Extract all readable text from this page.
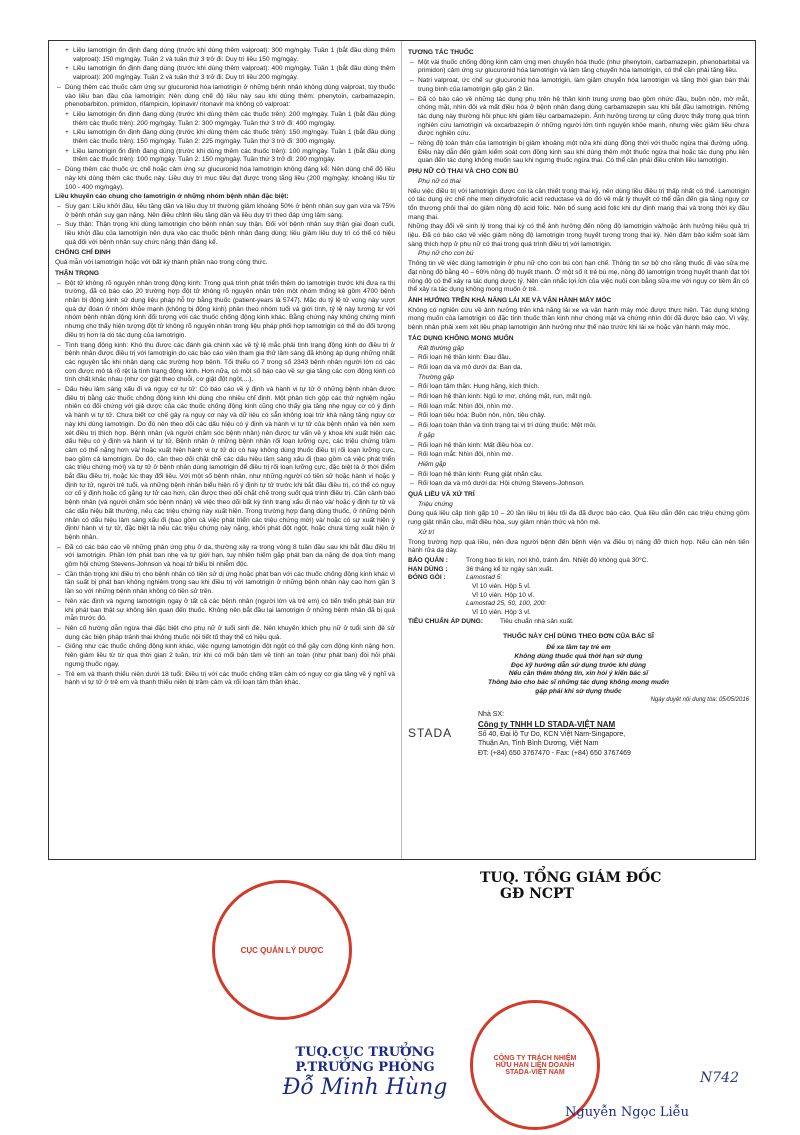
+ Liều lamotrigin ổn định đang dùng (trước khi dùng thêm valproat): 300 mg/ngày. Tuần 1 (bắt đầu dùng thêm valproat): 150 mg/ngày. Tuần 2 và tuần thứ 3 trở đi: Duy trì liều 150 mg/ngày.
+ Liều lamotrigin ổn định đang dùng (trước khi dùng thêm valproat): 400 mg/ngày. Tuần 1 (bắt đầu dùng thêm valproat): 200 mg/ngày. Tuần 2 và tuần thứ 3 trở đi: Duy trì liều 200 mg/ngày.
– Dùng thêm các thuốc cảm ứng sự glucuronid hóa lamotrigin ở những bệnh nhân không dùng valproat, tùy thuốc vào liều ban đầu của lamotrigin: Nên dùng chế độ liều này sau khi dùng thêm: phenytoin, carbamazepin, phenobarbiton, primidon, rifampicin, lopinavir/ ritonavir mà không có valproat:
+ Liều lamotrigin ổn định đang dùng (trước khi dùng thêm các thuốc trên): 200 mg/ngày. Tuần 1 (bắt đầu dùng thêm các thuốc trên): 200 mg/ngày. Tuần 2: 300 mg/ngày. Tuần thứ 3 trở đi: 400 mg/ngày.
+ Liều lamotrigin ổn định đang dùng (trước khi dùng thêm các thuốc trên): 150 mg/ngày. Tuần 1 (bắt đầu dùng thêm các thuốc trên): 150 mg/ngày. Tuần 2: 225 mg/ngày. Tuần thứ 3 trở đi: 300 mg/ngày.
+ Liều lamotrigin ổn định đang dùng (trước khi dùng thêm các thuốc trên): 100 mg/ngày. Tuần 1 (bắt đầu dùng thêm các thuốc trên): 100 mg/ngày. Tuần 2: 150 mg/ngày. Tuần thứ 3 trở đi: 200 mg/ngày.
– Dùng thêm các thuốc ức chế hoặc cảm ứng sự glucuronid hóa lamotrigin không đáng kể: Nên dùng chế độ liều này khi dùng thêm các thuốc này. Liều duy trì mục tiêu đạt được trong tăng liều (200 mg/ngày; khoảng liều từ 100 - 400 mg/ngày).
Liều khuyến cáo chung cho lamotrigin ở những nhóm bệnh nhân đặc biệt:
– Suy gan: Liều khởi đầu, liều tăng dần và liều duy trì thường giảm khoảng 50% ở bệnh nhân suy gan vừa và 75% ở bệnh nhân suy gan nặng. Nên điều chỉnh liều tăng dần và liều duy trì theo đáp ứng lâm sàng.
– Suy thận: Thận trọng khi dùng lamotrigin cho bệnh nhân suy thận. Đối với bệnh nhân suy thận giai đoạn cuối, liều khởi đầu của lamotrigin nên dựa vào các thuốc bệnh nhân đang dùng; liều giảm liều duy trì có thể có hiệu quả đối với bệnh nhân suy chức năng thận đáng kể.
CHỐNG CHỈ ĐỊNH
Quá mẫn với lamotrigin hoặc với bất kỳ thành phần nào trong công thức.
THẬN TRỌNG
– Đột tử không rõ nguyên nhân trong động kinh: Trong quá trình phát triển thêm do lamotrigin trước khi đưa ra thị trường, đã có báo cáo 20 trường hợp đột tử không rõ nguyên nhân trên một nhóm thống kê gồm 4700 bệnh nhân bị động kinh sử dụng liệu pháp hỗ trợ bằng thuốc (patient-years là 5747). Mặc dù tỷ lệ tử vong này vượt quá dự đoán ở nhóm khỏe mạnh (không bị động kinh) phân theo nhóm tuổi và giới tính, tỷ lệ này tương tự với nhóm bệnh nhân động kinh đối tượng với các thuốc chống động kinh khác. Bằng chứng này không chứng minh nhưng cho thấy hiện tượng đột tử không rõ nguyên nhân trong liệu pháp phối hợp lamotrigin có thể do đối tượng điều trị hơn là do tác dụng của lamotrigin.
– Tình trạng động kinh: Khó thu được các đánh giá chính xác về tỷ lệ mắc phải tình trạng động kinh do điều trị ở bệnh nhân được điều trị với lamotrigin do các báo cáo viên tham gia thử lâm sàng đã không áp dụng những nhất các nguyên tắc khi nhận dạng các trường hợp bệnh. Tối thiểu có 7 trong số 2343 bệnh nhân người lớn có các cơn được mô tả rõ rệt là tình trạng động kinh. Hơn nữa, có một số báo cáo về sự gia tăng các cơn động kinh có tính chất khác nhau (như cơ giật theo chuỗi, cơ giật đột ngột,...).
– Dấu hiệu lâm sàng xấu đi và nguy cơ tự tử: Có báo cáo về ý định và hành vi tự tử ở những bệnh nhân được điều trị bằng các thuốc chống động kinh khi dùng cho nhiều chỉ định. Một phân tích gộp các thử nghiệm ngẫu nhiên có đối chứng với giả dược của các thuốc chống động kinh cũng cho thấy gia tăng nhẹ nguy cơ có ý định và hành vi tự tử. Chưa biết cơ chế gây ra nguy cơ này và dữ liệu có sẵn không loại trừ khả năng tăng nguy cơ này khi dùng lamotrigin. Do đó nên theo dõi các dấu hiệu có ý định và hành vi tự tử của bệnh nhân và nên xem xét điều trị thích hợp. Bệnh nhân (và người chăm sóc bệnh nhân) nên được tư vấn về y khoa khi xuất hiện các dấu hiệu có ý định và hành vi tự tử. Bệnh nhân ở những bệnh nhân rối loạn lưỡng cực, các triệu chứng trầm cảm có thể nặng hơn và/ hoặc xuất hiện hành vi tự tử dù có hay không dùng thuốc điều trị rối loạn lưỡng cực, bao gồm cả lamotrigin. Do đó, cần theo dõi chặt chẽ các dấu hiệu lâm sàng xấu đi (bao gồm cả việc phát triển các triệu chứng mới) và tự tử ở bệnh nhân dùng lamotrigin để điều trị rối loạn lưỡng cực, đặc biệt là ở thời điểm bắt đầu điều trị, hoặc lúc thay đổi liều. Với một số bệnh nhân, như những người có tiền sử hoặc hành vi hoặc ý định tự tử, người trẻ tuổi, và những bệnh nhân biểu hiện rõ ý định tự tử trước khi bắt đầu điều trị, có thể có nguy cơ cố ý định hoặc cố gắng tự tử cao hơn, cần được theo dõi chặt chẽ trong suốt quá trình điều trị. Cần cảnh báo bệnh nhân (và người chăm sóc bệnh nhân) về việc theo dõi bất kỳ tình trạng xấu đi nào và/ hoặc ý định tự tử và các dấu hiệu bất thường, nếu các triệu chứng này xuất hiện. Trong trường hợp đang dùng thuốc, ở những bệnh nhân có dấu hiệu lâm sàng xấu đi (bao gồm cả việc phát triển các triệu chứng mới) và/ hoặc có sự xuất hiện ý định/ hành vi tự tử, đặc biệt là nếu các triệu chứng này nặng, khởi phát đột ngột, hoặc chưa từng xuất hiện ở bệnh nhân.
– Đã có các báo cáo về những phản ứng phụ ở da, thường xảy ra trong vòng 8 tuần đầu sau khi bắt đầu điều trị với lamotrigin. Phần lớn phát ban nhẹ và tự giới hạn, tuy nhiên hiếm gặp phát ban da nặng đe dọa tính mạng gồm hội chứng Stevens-Johnson và hoại tử biểu bì nhiễm độc.
– Cần thận trọng khi điều trị cho bệnh nhân có tiền sử dị ứng hoặc phát ban với các thuốc chống động kinh khác vì tần suất bị phát ban không nghiêm trọng sau khi điều trị với lamotrigin ở những bệnh nhân này cao hơn gần 3 lần so với những bệnh nhân không có tiền sử trên.
– Nên xác định và ngưng lamotrigin ngay ở tất cả các bệnh nhân (người lớn và trẻ em) có tiến triển phát ban trừ khi phát ban thật sự không liên quan đến thuốc. Không nên bắt đầu lại lamotrigin ở những bệnh nhân đã bị quá mẫn trước đó.
– Nên cố hướng dẫn ngừa thai đặc biệt cho phụ nữ ở tuổi sinh đẻ. Nên khuyến khích phụ nữ ở tuổi sinh đẻ sử dụng các biện pháp tránh thai không thuốc nội tiết tố thay thế có hiệu quả.
– Giống như các thuốc chống động kinh khác, việc ngưng lamotrigin đột ngột có thể gây cơn động kinh nặng hơn. Nên giảm liều từ từ qua thời gian 2 tuần, trừ khi có mối bận tâm về tính an toàn (như phát ban) đòi hỏi phải ngưng thuốc ngay.
– Trẻ em và thanh thiếu niên dưới 18 tuổi: Điều trị với các thuốc chống trầm cảm có nguy cơ gia tăng về ý nghĩ và hành vi tự tử ở trẻ em và thanh thiếu niên bị trầm cảm và rối loạn tâm thần khác.
TƯƠNG TÁC THUỐC
– Một vài thuốc chống động kinh cảm ứng men chuyển hóa thuốc (như phenytoin, carbamazepin, phenobarbital và primidon) cảm ứng sự glucuronid hóa lamotrigin và làm tăng chuyển hóa lamotrigin, có thể cần phải tăng liều.
– Natri valproat, ức chế sự glucuronid hóa lamotrigin, làm giảm chuyển hóa lamotrigin và tăng thời gian bán thải trung bình của lamotrigin gấp gần 2 lần.
– Đã có báo cáo về những tác dụng phụ trên hệ thần kinh trung ương bao gồm nhức đầu, buồn nôn, mờ mắt, chóng mặt, nhìn đôi và mất điều hòa ở bệnh nhân đang dùng carbamazepin sau khi bắt đầu lamotrigin. Những tác dụng này thường hồi phục khi giảm liều carbamazepin. Ảnh hưởng tương tự cũng được thấy trong quá trình nghiên cứu lamotrigin và oxcarbazepin ở những người lớn tình nguyện khỏe mạnh, nhưng việc giảm liều chưa được nghiên cứu.
– Nồng độ toàn thân của lamotrigin bị giảm khoảng một nửa khi dùng đồng thời với thuốc ngừa thai đường uống. Điều này dẫn đến giảm kiểm soát cơn động kinh sau khi dùng thêm một thuốc ngừa thai hoặc tác dụng phụ liên quan đến tác dụng không muốn sau khi ngưng thuốc ngừa thai. Có thể cần phải điều chỉnh liều lamotrigin.
PHỤ NỮ CÓ THAI VÀ CHO CON BÚ
Phụ nữ có thai
Nếu việc điều trị với lamotrigin được coi là cần thiết trong thai kỳ, nên dùng liều điều trị thấp nhất có thể. Lamotrigin có tác dụng ức chế nhẹ men dihydrofolic acid reductase và do đó về mặt lý thuyết có thể dẫn đến gia tăng nguy cơ tổn thương phôi thai do giảm nồng độ acid folic. Nên bổ sung acid folic khi dự định mang thai và trong thời kỳ đầu mang thai.
Những thay đổi về sinh lý trong thai kỳ có thể ảnh hưởng đến nồng độ lamotrigin và/hoặc ảnh hưởng hiệu quả trị liệu. Đã có báo cáo về việc giảm nồng độ lamotrigin trong huyết tương trong thai kỳ. Nên đảm bảo kiểm soát lâm sàng thích hợp ở phụ nữ có thai trong quá trình điều trị với lamotrigin.
Phụ nữ cho con bú
Thông tin về việc dùng lamotrigin ở phụ nữ cho con bú còn hạn chế. Thông tin sơ bộ cho rằng thuốc đi vào sữa mẹ đạt nồng độ bằng 40 – 60% nồng độ huyết thanh. Ở một số ít trẻ bú mẹ, nồng độ lamotrigin trong huyết thanh đạt tới nồng độ có thể xảy ra tác dụng dược lý. Nên cân nhắc lợi ích của việc nuôi con bằng sữa mẹ với nguy cơ tiềm ẩn có thể xảy ra tác dụng không mong muốn ở trẻ.
ẢNH HƯỞNG TRÊN KHẢ NĂNG LÁI XE VÀ VẬN HÀNH MÁY MÓC
Không có nghiên cứu về ảnh hưởng trên khả năng lái xe và vận hành máy móc được thực hiện. Tác dụng không mong muốn của lamotrigin có đặc tính thuốc thần kinh như chóng mặt và chứng nhìn đôi đã được báo cáo. Vì vậy, bệnh nhân phải xem xét liệu pháp lamotrigin ảnh hưởng như thế nào trước khi lái xe hoặc vận hành máy móc.
TÁC DỤNG KHÔNG MONG MUỐN
Rất thường gặp
– Rối loạn hệ thần kinh: Đau đầu.
– Rối loạn da và mô dưới da: Ban da.
Thường gặp
– Rối loạn tâm thần: Hung hăng, kích thích.
– Rối loạn hệ thần kinh: Ngủ lơ mơ, chóng mặt, run, mất ngủ.
– Rối loạn mắt: Nhìn đôi, nhìn mờ.
– Rối loạn tiêu hóa: Buồn nôn, nôn, tiêu chảy.
– Rối loạn toàn thân và tình trạng tại vị trí dùng thuốc: Mệt mỏi.
Ít gặp
– Rối loạn hệ thần kinh: Mất điều hòa cơ.
– Rối loạn mắt: Nhìn đôi, nhìn mờ.
Hiếm gặp
– Rối loạn hệ thần kinh: Rung giật nhãn cầu.
– Rối loạn da và mô dưới da: Hội chứng Stevens-Johnson.
QUÁ LIỀU VÀ XỬ TRÍ
Triệu chứng
Dùng quá liều cấp tính gấp 10 – 20 lần liều trị liệu tối đa đã được báo cáo. Quá liều dẫn đến các triệu chứng gồm rung giật nhãn cầu, mất điều hòa, suy giảm nhận thức và hôn mê.
Xử trí
Trong trường hợp quá liều, nên đưa người bệnh đến bệnh viện và điều trị nâng đỡ thích hợp. Nếu cần nên tiến hành rửa dạ dày.
BẢO QUẢN :	Trong bao bì kín, nơi khô, tránh ẩm. Nhiệt độ không quá 30°C.
HẠN DÙNG :	36 tháng kể từ ngày sản xuất.
ĐÓNG GÓI :	Lamostad 5:
Vỉ 10 viên. Hộp 5 vỉ.
Vỉ 10 viên. Hộp 10 vỉ.
Lamostad 25, 50, 100, 200:
Vỉ 10 viên. Hộp 3 vỉ.
TIÊU CHUẨN ÁP DỤNG:	Tiêu chuẩn nhà sản xuất.
THUỐC NÀY CHỈ DÙNG THEO ĐƠN CỦA BÁC SĨ
Để xa tầm tay trẻ em
Không dùng thuốc quá thời hạn sử dụng
Đọc kỹ hướng dẫn sử dụng trước khi dùng
Nếu cần thêm thông tin, xin hỏi ý kiến bác sĩ
Thông báo cho bác sĩ những tác dụng không mong muốn
gặp phải khi sử dụng thuốc
Ngày duyệt nội dung tòa: 05/05/2016
STADA
Nhà SX:
Công ty TNHH LD STADA-VIỆT NAM
Số 40, Đại lộ Tự Do, KCN Việt Nam-Singapore,
Thuận An, Tỉnh Bình Dương, Việt Nam
ĐT: (+84) 650 3767470 - Fax: (+84) 650 3767469
CỤC QUẢN LÝ DƯỢC
CÔNG TY TRÁCH NHIỆM HỮU HẠN LIÊN DOANH STADA-VIỆT NAM
TUQ.CỤC TRƯỞNG
P.TRƯỞNG PHÒNG
Đỗ Minh Hùng
TUQ. TỔNG GIÁM ĐỐC
GĐ NCPT
Nguyễn Ngọc Liễu
N742
